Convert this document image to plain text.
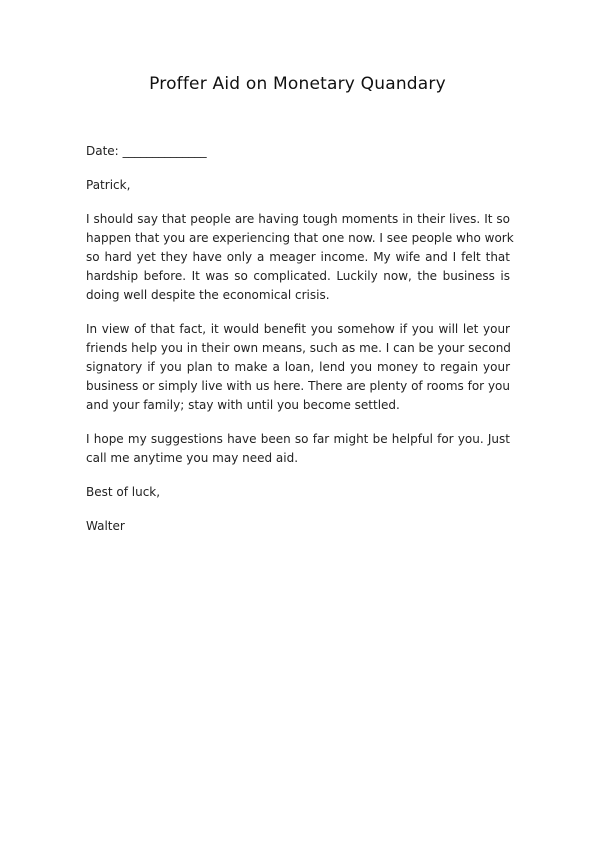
Proffer Aid on Monetary Quandary
Date: ______________
Patrick,
I should say that people are having tough moments in their lives. It so
happen that you are experiencing that one now. I see people who work
so hard yet they have only a meager income. My wife and I felt that
hardship before. It was so complicated. Luckily now, the business is
doing well despite the economical crisis.
In view of that fact, it would benefit you somehow if you will let your
friends help you in their own means, such as me. I can be your second
signatory if you plan to make a loan, lend you money to regain your
business or simply live with us here. There are plenty of rooms for you
and your family; stay with until you become settled.
I hope my suggestions have been so far might be helpful for you. Just
call me anytime you may need aid.
Best of luck,
Walter
